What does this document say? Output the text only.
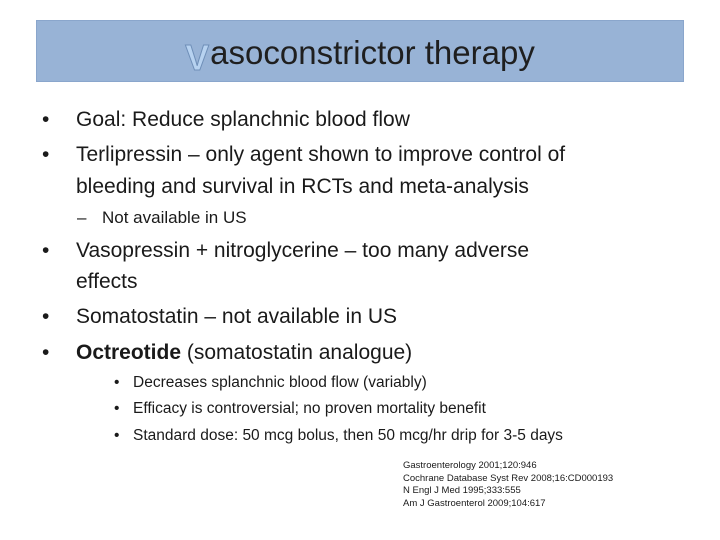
Vasoconstrictor therapy
• Goal: Reduce splanchnic blood flow
• Terlipressin – only agent shown to improve control of
bleeding and survival in RCTs and meta-analysis
– Not available in US
• Vasopressin + nitroglycerine – too many adverse
effects
• Somatostatin – not available in US
• Octreotide (somatostatin analogue)
• Decreases splanchnic blood flow (variably)
• Efficacy is controversial; no proven mortality benefit
• Standard dose: 50 mcg bolus, then 50 mcg/hr drip for 3-5 days
Gastroenterology 2001;120:946
Cochrane Database Syst Rev 2008;16:CD000193
N Engl J Med 1995;333:555
Am J Gastroenterol 2009;104:617
